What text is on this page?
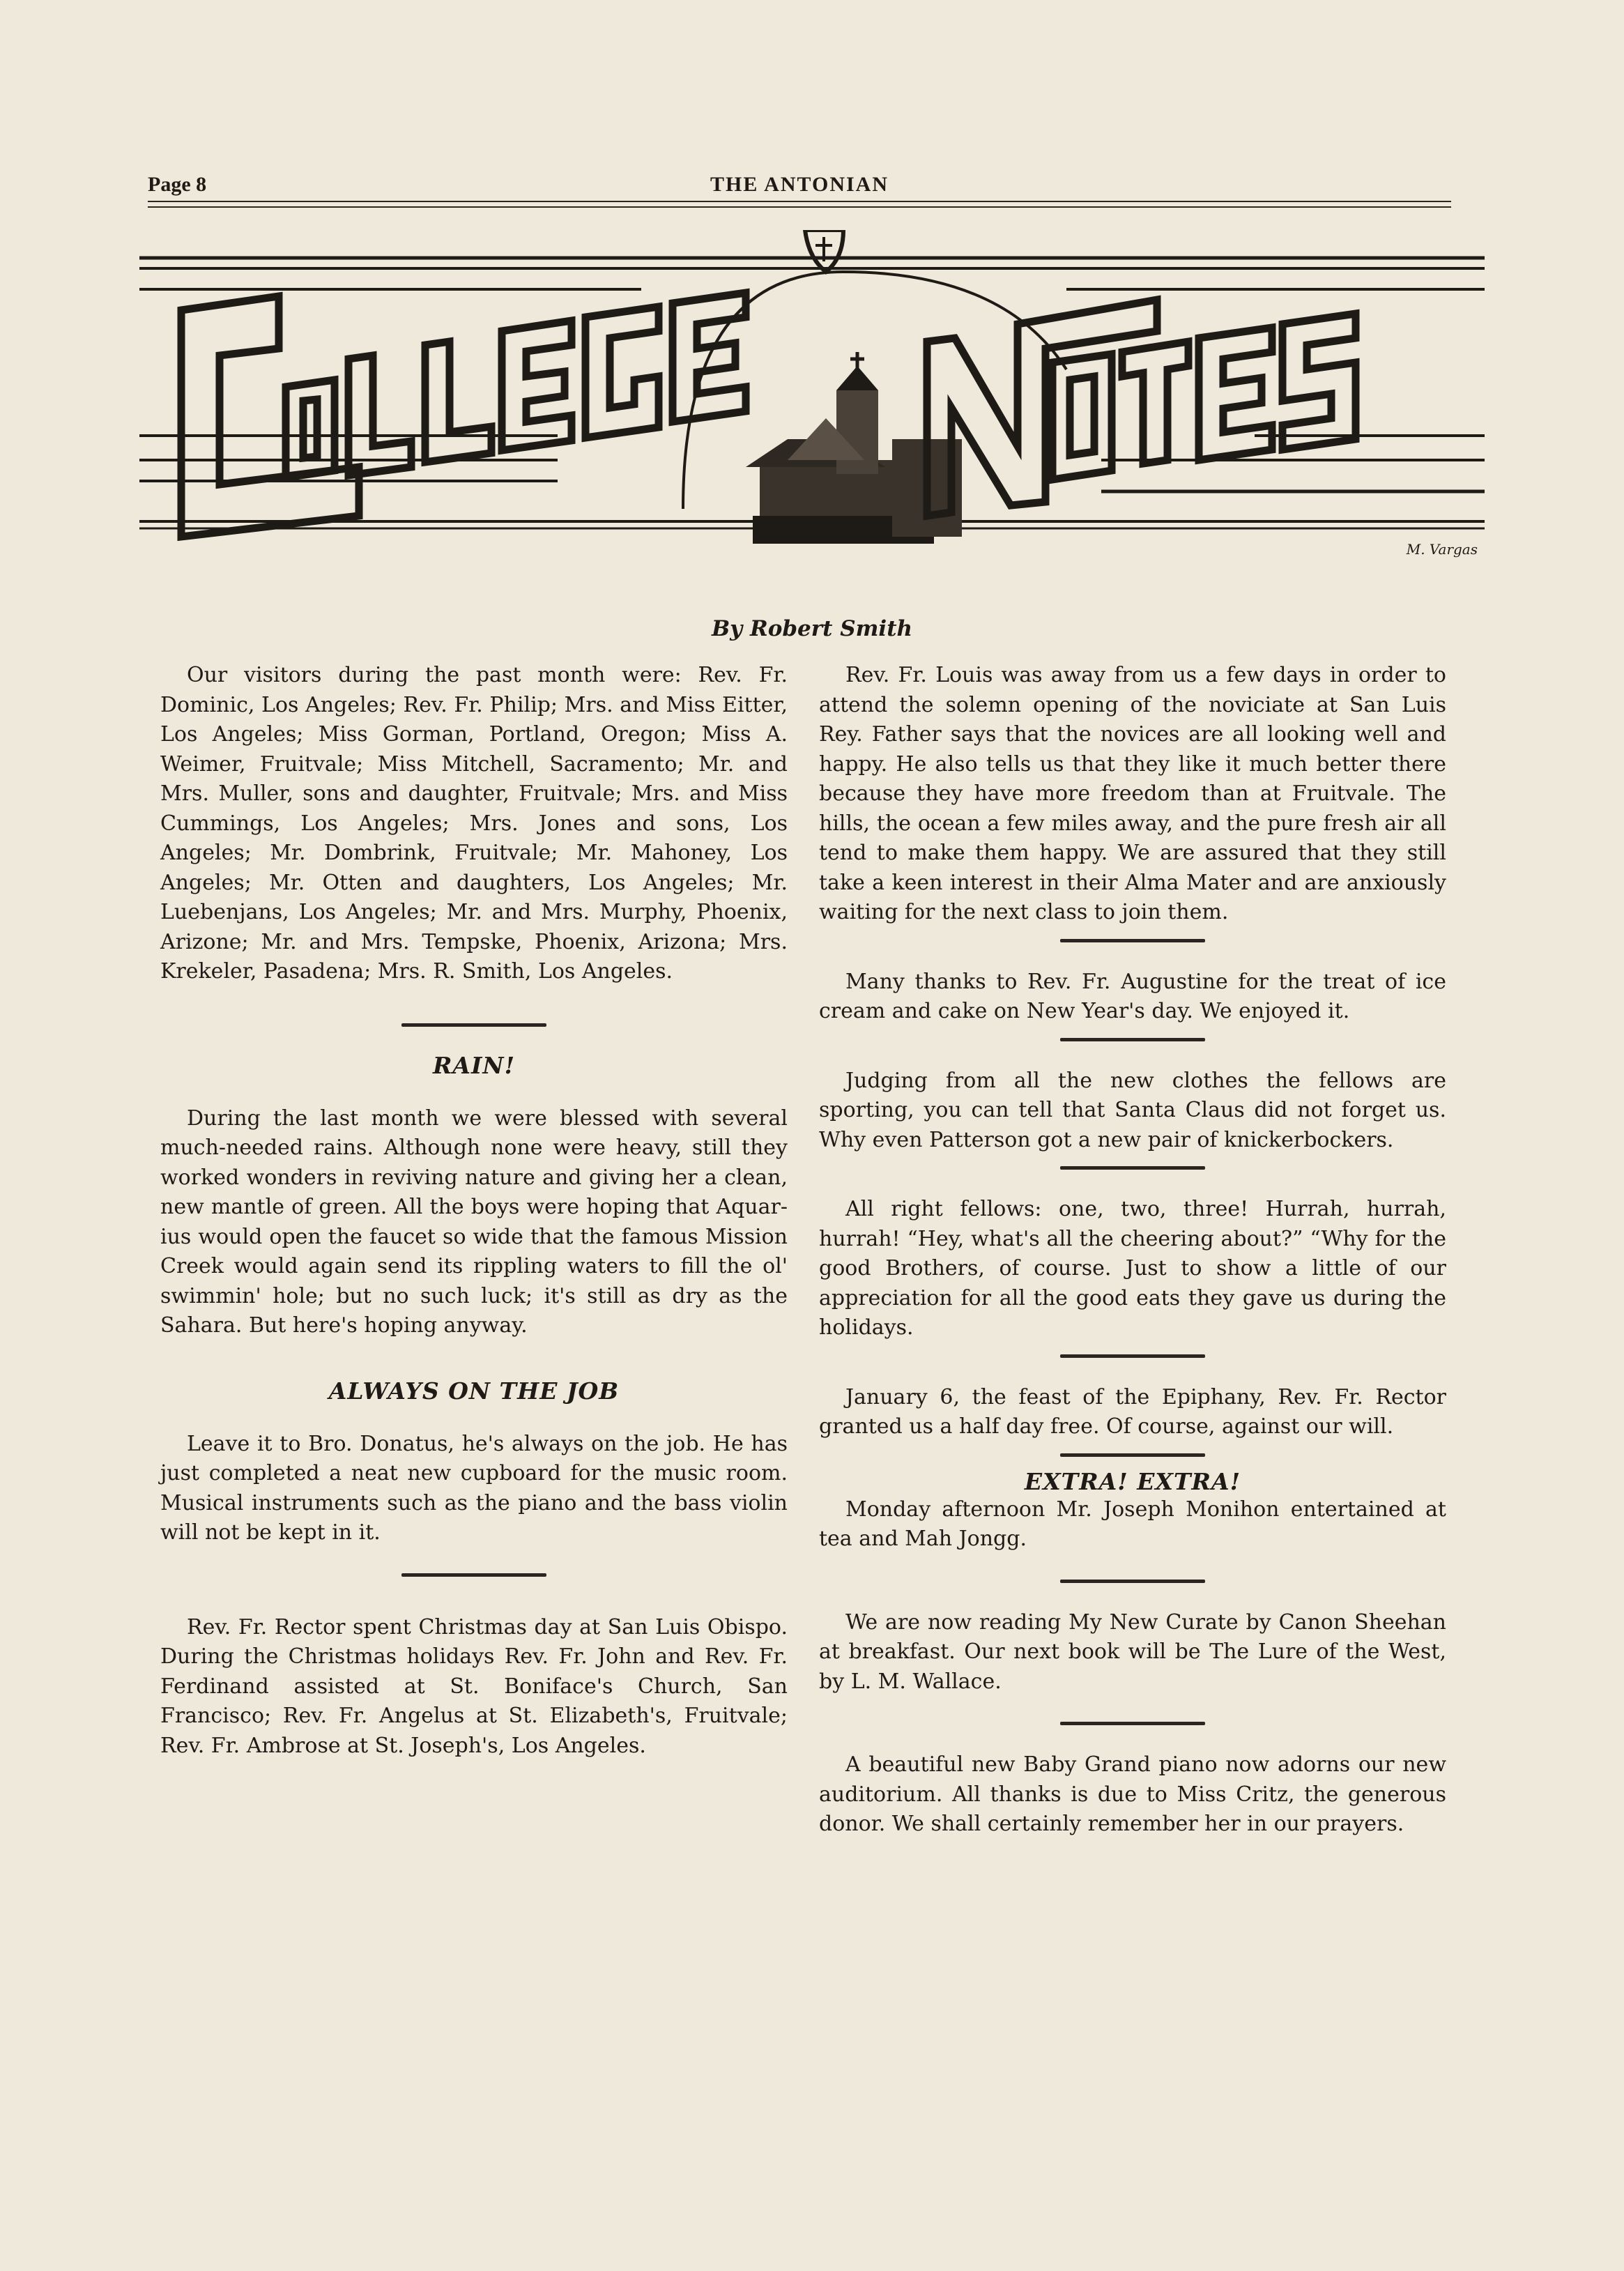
Page 8	THE ANTONIAN
M. Vargas
By Robert Smith

Our visitors during the past month were: Rev. Fr. Dominic, Los Angeles; Rev. Fr. Philip; Mrs. and Miss Eitter, Los Angeles; Miss Gorman, Portland, Oregon; Miss A. Weimer, Fruitvale; Miss Mitchell, Sacramento; Mr. and Mrs. Muller, sons and daughter, Fruitvale; Mrs. and Miss Cummings, Los Angeles; Mrs. Jones and sons, Los Angeles; Mr. Dombrink, Fruitvale; Mr. Mahoney, Los Angeles; Mr. Otten and daughters, Los Angeles; Mr. Luebenjans, Los Angeles; Mr. and Mrs. Murphy, Phoenix, Arizone; Mr. and Mrs. Tempske, Phoenix, Arizona; Mrs. Krekeler, Pasadena; Mrs. R. Smith, Los Angeles.

RAIN!

During the last month we were blessed with several much-needed rains. Although none were heavy, still they worked wonders in reviving nature and giving her a clean, new mantle of green. All the boys were hoping that Aquarius would open the faucet so wide that the famous Mission Creek would again send its rippling waters to fill the ol' swimmin' hole; but no such luck; it's still as dry as the Sahara. But here's hoping anyway.

ALWAYS ON THE JOB

Leave it to Bro. Donatus, he's always on the job. He has just completed a neat new cupboard for the music room. Musical instruments such as the piano and the bass violin will not be kept in it.

Rev. Fr. Rector spent Christmas day at San Luis Obispo. During the Christmas holidays Rev. Fr. John and Rev. Fr. Ferdinand assisted at St. Boniface's Church, San Francisco; Rev. Fr. Angelus at St. Elizabeth's, Fruitvale; Rev. Fr. Ambrose at St. Joseph's, Los Angeles.

Rev. Fr. Louis was away from us a few days in order to attend the solemn opening of the noviciate at San Luis Rey. Father says that the novices are all looking well and happy. He also tells us that they like it much better there because they have more freedom than at Fruitvale. The hills, the ocean a few miles away, and the pure fresh air all tend to make them happy. We are assured that they still take a keen interest in their Alma Mater and are anxiously waiting for the next class to join them.

Many thanks to Rev. Fr. Augustine for the treat of ice cream and cake on New Year's day. We enjoyed it.

Judging from all the new clothes the fellows are sporting, you can tell that Santa Claus did not forget us. Why even Patterson got a new pair of knickerbockers.

All right fellows: one, two, three! Hurrah, hurrah, hurrah! “Hey, what's all the cheering about?” “Why for the good Brothers, of course. Just to show a little of our appreciation for all the good eats they gave us during the holidays.

January 6, the feast of the Epiphany, Rev. Fr. Rector granted us a half day free. Of course, against our will.

EXTRA! EXTRA!

Monday afternoon Mr. Joseph Monihon entertained at tea and Mah Jongg.

We are now reading My New Curate by Canon Sheehan at breakfast. Our next book will be The Lure of the West, by L. M. Wallace.

A beautiful new Baby Grand piano now adorns our new auditorium. All thanks is due to Miss Critz, the generous donor. We shall certainly remember her in our prayers.
